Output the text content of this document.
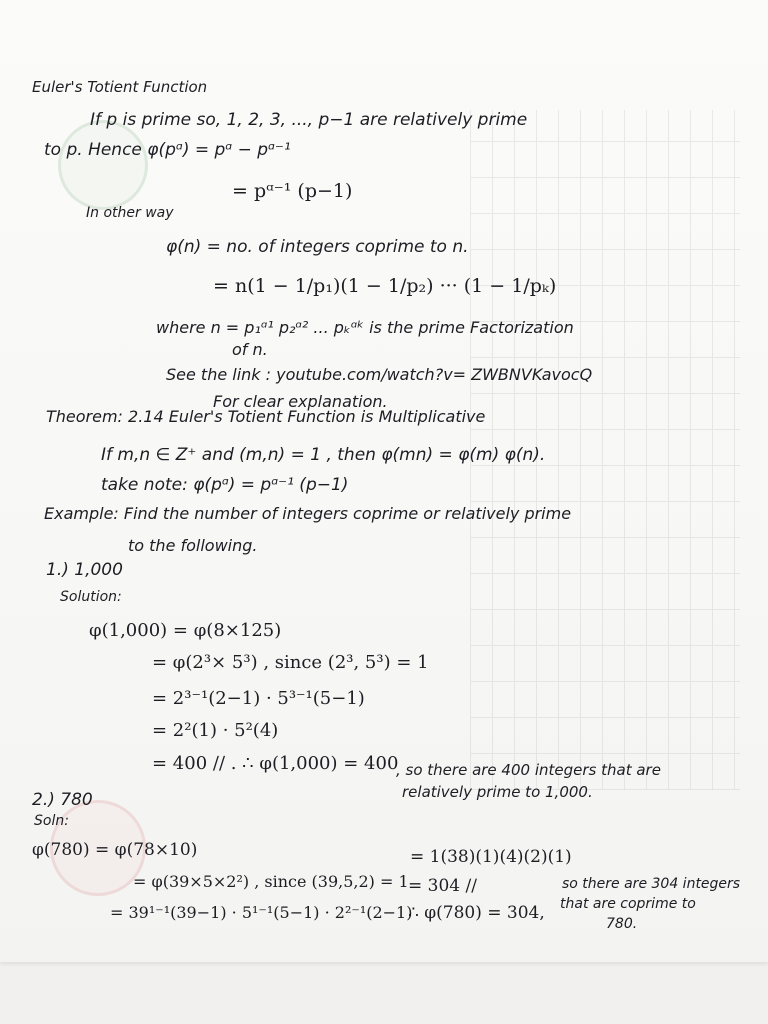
Euler's Totient Function
If p is prime so, 1, 2, 3, ..., p−1 are relatively prime
to p. Hence φ(pᵅ) = pᵅ − pᵅ⁻¹
= pᵅ⁻¹ (p−1)
In other way
φ(n) = no. of integers coprime to n.
= n(1 − 1/p₁)(1 − 1/p₂) ··· (1 − 1/pₖ)
where n = p₁ᵅ¹ p₂ᵅ² ... pₖᵅᵏ is the prime Factorization
of n.
See the link : youtube.com/watch?v= ZWBNVKavocQ
For clear explanation.
Theorem: 2.14 Euler's Totient Function is Multiplicative
If m,n ∈ Z⁺ and (m,n) = 1 , then φ(mn) = φ(m) φ(n).
take note: φ(pᵅ) = pᵅ⁻¹ (p−1)
Example: Find the number of integers coprime or relatively prime
to the following.
1.) 1,000
Solution:
φ(1,000) = φ(8×125)
= φ(2³× 5³) , since (2³, 5³) = 1
= 2³⁻¹(2−1) · 5³⁻¹(5−1)
= 2²(1) · 5²(4)
= 400 ∕∕ . ∴ φ(1,000) = 400
, so there are 400 integers that are
relatively prime to 1,000.
2.) 780
Soln:
φ(780) = φ(78×10)
= φ(39×5×2²) , since (39,5,2) = 1
= 39¹⁻¹(39−1) · 5¹⁻¹(5−1) · 2²⁻¹(2−1)
= 1(38)(1)(4)(2)(1)
= 304 ∕∕
∴ φ(780) = 304,
so there are 304 integers
that are coprime to
780.
